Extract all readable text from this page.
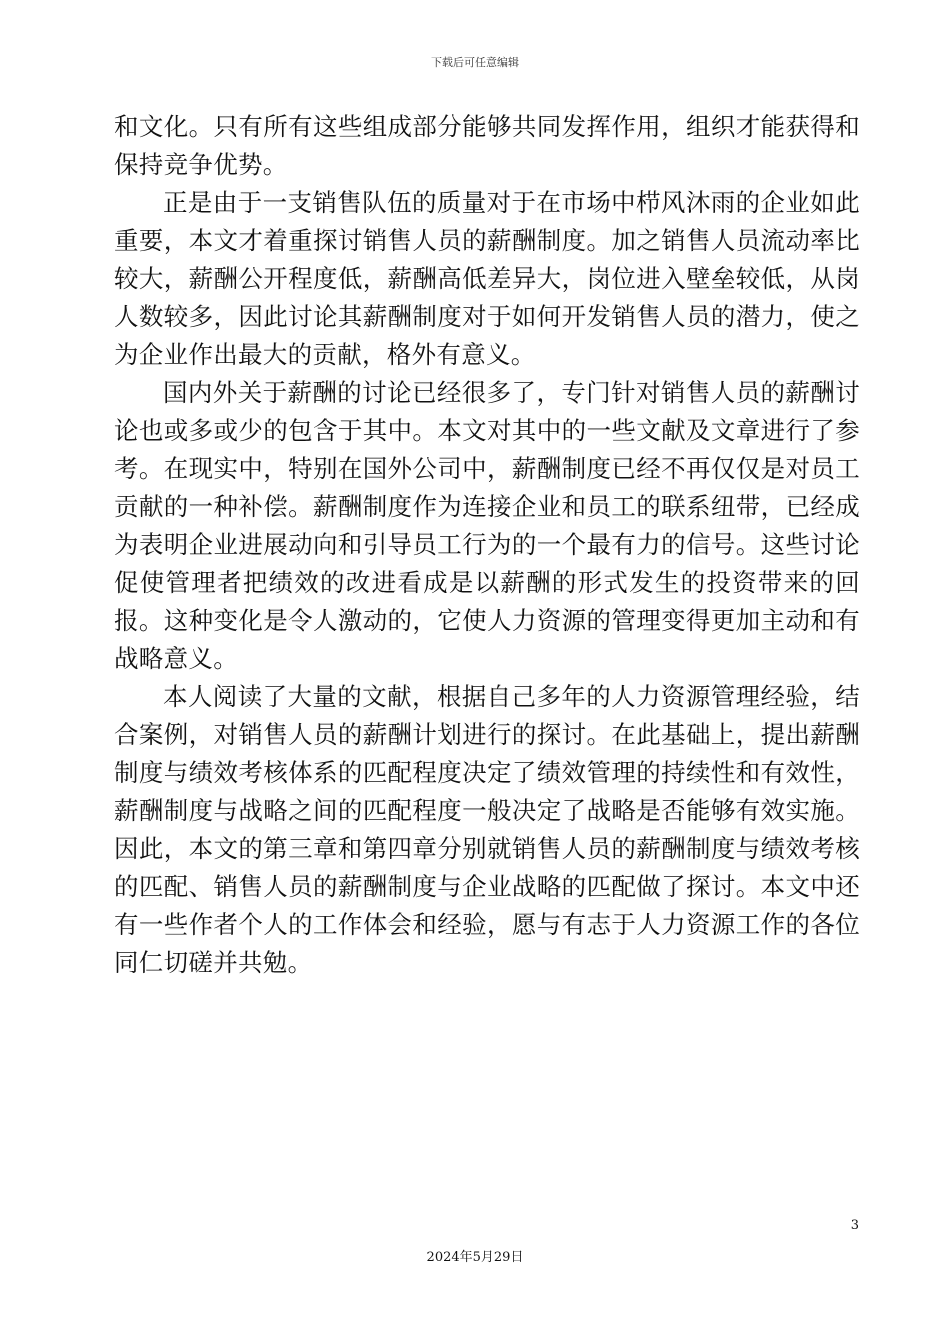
下载后可任意编辑

和文化。只有所有这些组成部分能够共同发挥作用，组织才能获得和保持竞争优势。

正是由于一支销售队伍的质量对于在市场中栉风沐雨的企业如此重要，本文才着重探讨销售人员的薪酬制度。加之销售人员流动率比较大，薪酬公开程度低，薪酬高低差异大，岗位进入壁垒较低，从岗人数较多，因此讨论其薪酬制度对于如何开发销售人员的潜力，使之为企业作出最大的贡献，格外有意义。

国内外关于薪酬的讨论已经很多了，专门针对销售人员的薪酬讨论也或多或少的包含于其中。本文对其中的一些文献及文章进行了参考。在现实中，特别在国外公司中，薪酬制度已经不再仅仅是对员工贡献的一种补偿。薪酬制度作为连接企业和员工的联系纽带，已经成为表明企业进展动向和引导员工行为的一个最有力的信号。这些讨论促使管理者把绩效的改进看成是以薪酬的形式发生的投资带来的回报。这种变化是令人激动的，它使人力资源的管理变得更加主动和有战略意义。

本人阅读了大量的文献，根据自己多年的人力资源管理经验，结合案例，对销售人员的薪酬计划进行的探讨。在此基础上，提出薪酬制度与绩效考核体系的匹配程度决定了绩效管理的持续性和有效性，薪酬制度与战略之间的匹配程度一般决定了战略是否能够有效实施。因此，本文的第三章和第四章分别就销售人员的薪酬制度与绩效考核的匹配、销售人员的薪酬制度与企业战略的匹配做了探讨。本文中还有一些作者个人的工作体会和经验，愿与有志于人力资源工作的各位同仁切磋并共勉。

3
2024年5月29日
